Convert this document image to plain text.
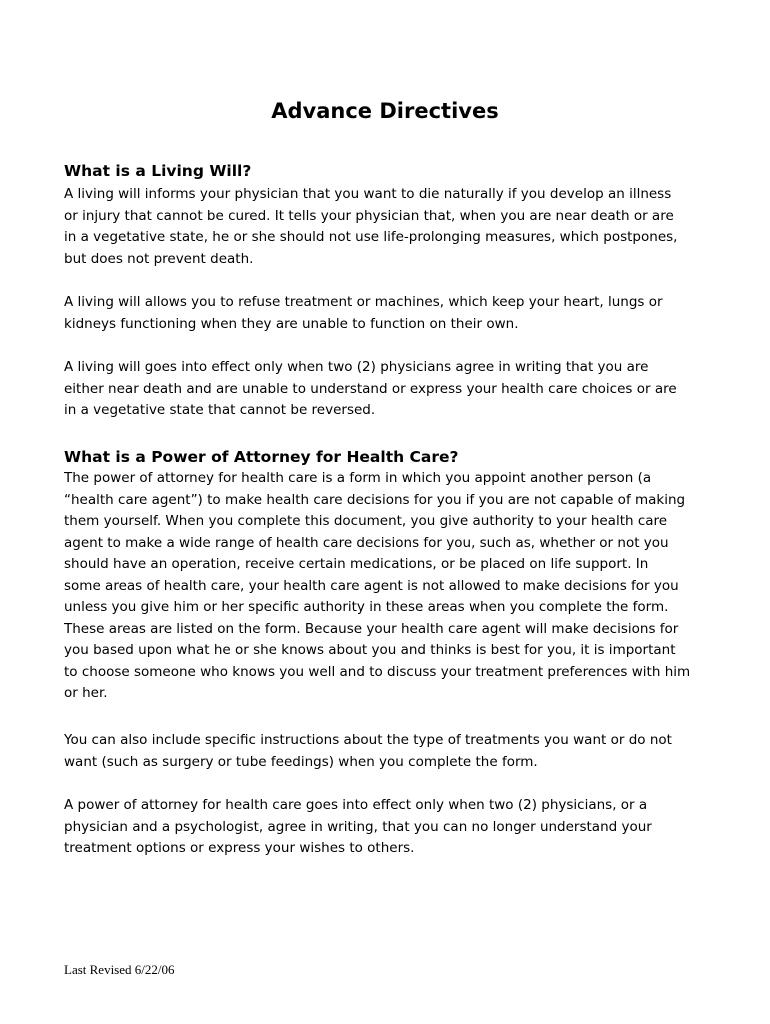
Advance Directives
What is a Living Will?

A living will informs your physician that you want to die naturally if you develop an illness
or injury that cannot be cured. It tells your physician that, when you are near death or are
in a vegetative state, he or she should not use life-prolonging measures, which postpones,
but does not prevent death.

A living will allows you to refuse treatment or machines, which keep your heart, lungs or
kidneys functioning when they are unable to function on their own.

A living will goes into effect only when two (2) physicians agree in writing that you are
either near death and are unable to understand or express your health care choices or are
in a vegetative state that cannot be reversed.

What is a Power of Attorney for Health Care?

The power of attorney for health care is a form in which you appoint another person (a
“health care agent”) to make health care decisions for you if you are not capable of making
them yourself. When you complete this document, you give authority to your health care
agent to make a wide range of health care decisions for you, such as, whether or not you
should have an operation, receive certain medications, or be placed on life support. In
some areas of health care, your health care agent is not allowed to make decisions for you
unless you give him or her specific authority in these areas when you complete the form.
These areas are listed on the form. Because your health care agent will make decisions for
you based upon what he or she knows about you and thinks is best for you, it is important
to choose someone who knows you well and to discuss your treatment preferences with him
or her.

You can also include specific instructions about the type of treatments you want or do not
want (such as surgery or tube feedings) when you complete the form.

A power of attorney for health care goes into effect only when two (2) physicians, or a
physician and a psychologist, agree in writing, that you can no longer understand your
treatment options or express your wishes to others.

Last Revised 6/22/06
